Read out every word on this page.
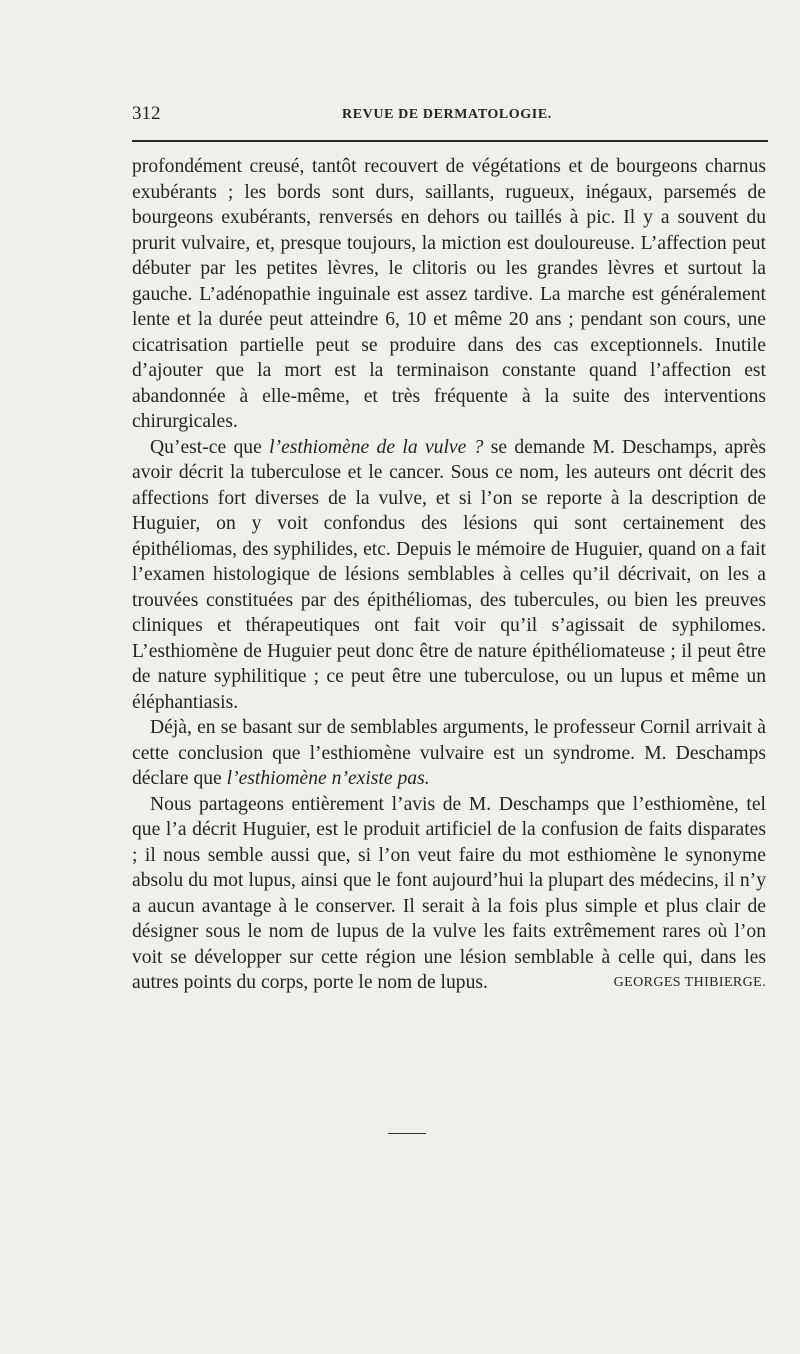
312	REVUE DE DERMATOLOGIE.

profondément creusé, tantôt recouvert de végétations et de bourgeons charnus exubérants ; les bords sont durs, saillants, rugueux, inégaux, parsemés de bourgeons exubérants, renversés en dehors ou taillés à pic. Il y a souvent du prurit vulvaire, et, presque toujours, la miction est douloureuse. L’affection peut débuter par les petites lèvres, le clitoris ou les grandes lèvres et surtout la gauche. L’adénopathie inguinale est assez tardive. La marche est généralement lente et la durée peut atteindre 6, 10 et même 20 ans ; pendant son cours, une cicatrisation partielle peut se produire dans des cas exceptionnels. Inutile d’ajouter que la mort est la terminaison constante quand l’affection est abandonnée à elle-même, et très fréquente à la suite des interventions chirurgicales.

Qu’est-ce que l’esthiomène de la vulve ? se demande M. Deschamps, après avoir décrit la tuberculose et le cancer. Sous ce nom, les auteurs ont décrit des affections fort diverses de la vulve, et si l’on se reporte à la description de Huguier, on y voit confondus des lésions qui sont certainement des épithéliomas, des syphilides, etc. Depuis le mémoire de Huguier, quand on a fait l’examen histologique de lésions semblables à celles qu’il décrivait, on les a trouvées constituées par des épithéliomas, des tubercules, ou bien les preuves cliniques et thérapeutiques ont fait voir qu’il s’agissait de syphilomes. L’esthiomène de Huguier peut donc être de nature épithéliomateuse ; il peut être de nature syphilitique ; ce peut être une tuberculose, ou un lupus et même un éléphantiasis.

Déjà, en se basant sur de semblables arguments, le professeur Cornil arrivait à cette conclusion que l’esthiomène vulvaire est un syndrome. M. Deschamps déclare que l’esthiomène n’existe pas.

Nous partageons entièrement l’avis de M. Deschamps que l’esthiomène, tel que l’a décrit Huguier, est le produit artificiel de la confusion de faits disparates ; il nous semble aussi que, si l’on veut faire du mot esthiomène le synonyme absolu du mot lupus, ainsi que le font aujourd’hui la plupart des médecins, il n’y a aucun avantage à le conserver. Il serait à la fois plus simple et plus clair de désigner sous le nom de lupus de la vulve les faits extrêmement rares où l’on voit se développer sur cette région une lésion semblable à celle qui, dans les autres points du corps, porte le nom de lupus.	GEORGES THIBIERGE.
